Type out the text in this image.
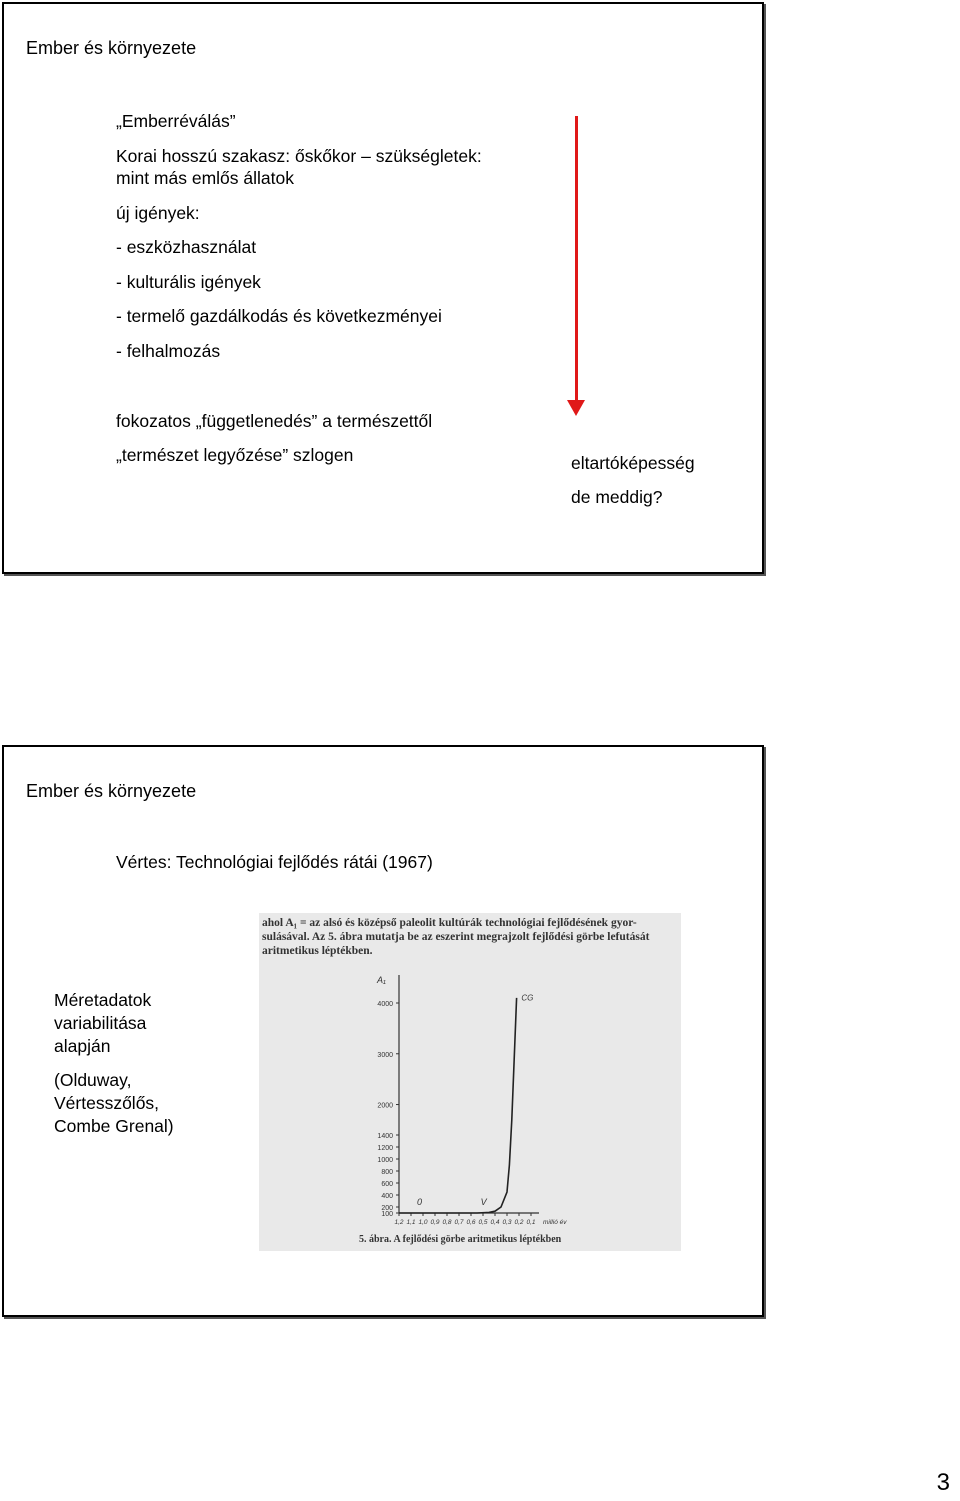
Ember és környezete
„Emberréválás”
Korai hosszú szakasz: őskőkor – szükségletek:
mint más emlős állatok
új igények:
- eszközhasználat
- kulturális igények
- termelő gazdálkodás és következményei
- felhalmozás
fokozatos „függetlenedés” a természettől
„természet legyőzése” szlogen	eltartóképesség
de meddig?
Ember és környezete
Vértes: Technológiai fejlődés rátái (1967)
Méretadatok
variabilitása
alapján
(Olduway,
Vértesszőlős,
Combe Grenal)
ahol A₁ = az alsó és középső paleolit kultúrák technológiai fejlődésének gyor-
sulásával. Az 5. ábra mutatja be az eszerint megrajzolt fejlődési görbe lefutását
aritmetikus léptékben.
A₁
100
200
400
600
800
1000
1200
1400
2000
3000
4000
1,2 1,1 1,0 0,9 0,8 0,7 0,6 0,5 0,4 0,3 0,2 0,1 millió év
0	V
CG
5. ábra. A fejlődési görbe aritmetikus léptékben
3
